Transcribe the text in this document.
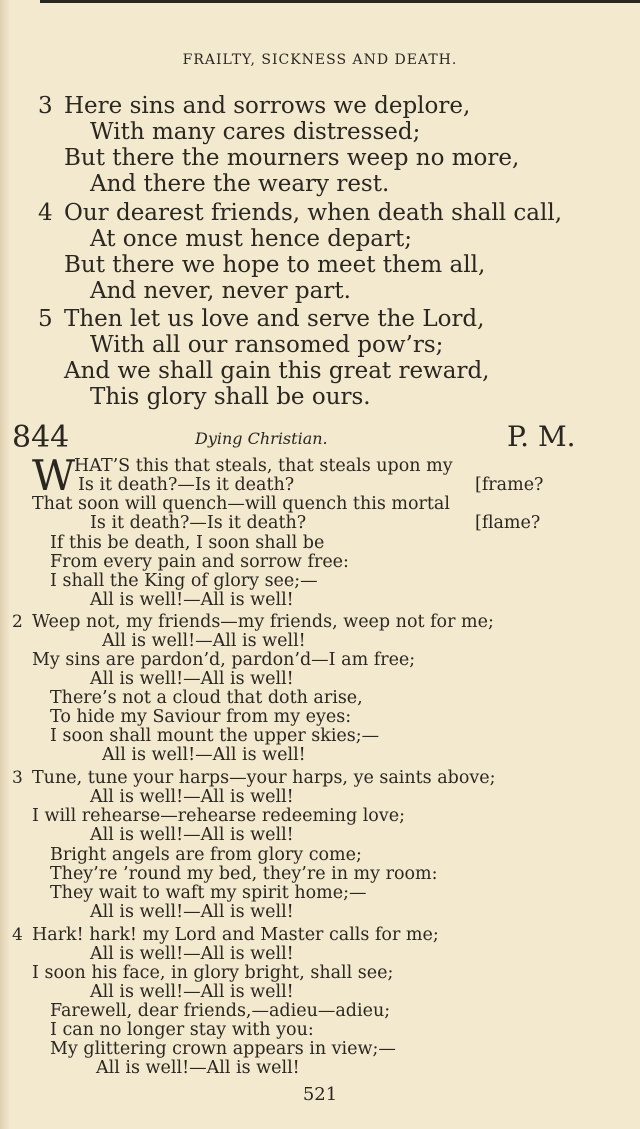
FRAILTY, SICKNESS AND DEATH.
3 Here sins and sorrows we deplore,
With many cares distressed;
But there the mourners weep no more,
And there the weary rest.
4 Our dearest friends, when death shall call,
At once must hence depart;
But there we hope to meet them all,
And never, never part.
5 Then let us love and serve the Lord,
With all our ransomed pow’rs;
And we shall gain this great reward,
This glory shall be ours.
844	Dying Christian.	P. M.
W
HAT’S this that steals, that steals upon my
Is it death?—Is it death?	[frame?
That soon will quench—will quench this mortal
Is it death?—Is it death?	[flame?
If this be death, I soon shall be
From every pain and sorrow free:
I shall the King of glory see;—
All is well!—All is well!
2 Weep not, my friends—my friends, weep not for me;
All is well!—All is well!
My sins are pardon’d, pardon’d—I am free;
All is well!—All is well!
There’s not a cloud that doth arise,
To hide my Saviour from my eyes:
I soon shall mount the upper skies;—
All is well!—All is well!
3 Tune, tune your harps—your harps, ye saints above;
All is well!—All is well!
I will rehearse—rehearse redeeming love;
All is well!—All is well!
Bright angels are from glory come;
They’re ’round my bed, they’re in my room:
They wait to waft my spirit home;—
All is well!—All is well!
4 Hark! hark! my Lord and Master calls for me;
All is well!—All is well!
I soon his face, in glory bright, shall see;
All is well!—All is well!
Farewell, dear friends,—adieu—adieu;
I can no longer stay with you:
My glittering crown appears in view;—
All is well!—All is well!
521
